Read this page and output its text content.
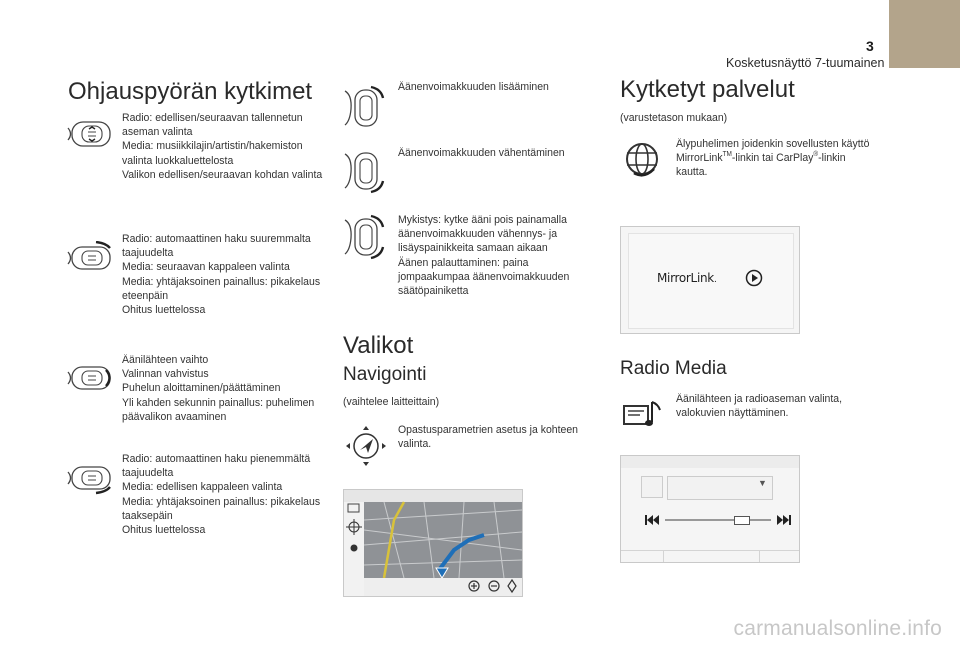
3
Kosketusnäyttö 7-tuumainen
Ohjauspyörän kytkimet
Radio: edellisen/seuraavan tallennetun
aseman valinta
Media: musiikkilajin/artistin/hakemiston
valinta luokkaluettelosta
Valikon edellisen/seuraavan kohdan valinta
Radio: automaattinen haku suuremmalta
taajuudelta
Media: seuraavan kappaleen valinta
Media: yhtäjaksoinen painallus: pikakelaus
eteenpäin
Ohitus luettelossa
Äänilähteen vaihto
Valinnan vahvistus
Puhelun aloittaminen/päättäminen
Yli kahden sekunnin painallus: puhelimen
päävalikon avaaminen
Radio: automaattinen haku pienemmältä
taajuudelta
Media: edellisen kappaleen valinta
Media: yhtäjaksoinen painallus: pikakelaus
taaksepäin
Ohitus luettelossa
Äänenvoimakkuuden lisääminen
Äänenvoimakkuuden vähentäminen
Mykistys: kytke ääni pois painamalla
äänenvoimakkuuden vähennys- ja
lisäyspainikkeita samaan aikaan
Äänen palauttaminen: paina
jompaakumpaa äänenvoimakkuuden
säätöpainiketta
Valikot
Navigointi
(vaihtelee laitteittain)
Opastusparametrien asetus ja kohteen
valinta.
Kytketyt palvelut
(varustetason mukaan)
Älypuhelimen joidenkin sovellusten käyttö
MirrorLink™-linkin tai CarPlay®-linkin
kautta.
MirrorLink.
Radio Media
Äänilähteen ja radioaseman valinta,
valokuvien näyttäminen.
▼
carmanualsonline.info
